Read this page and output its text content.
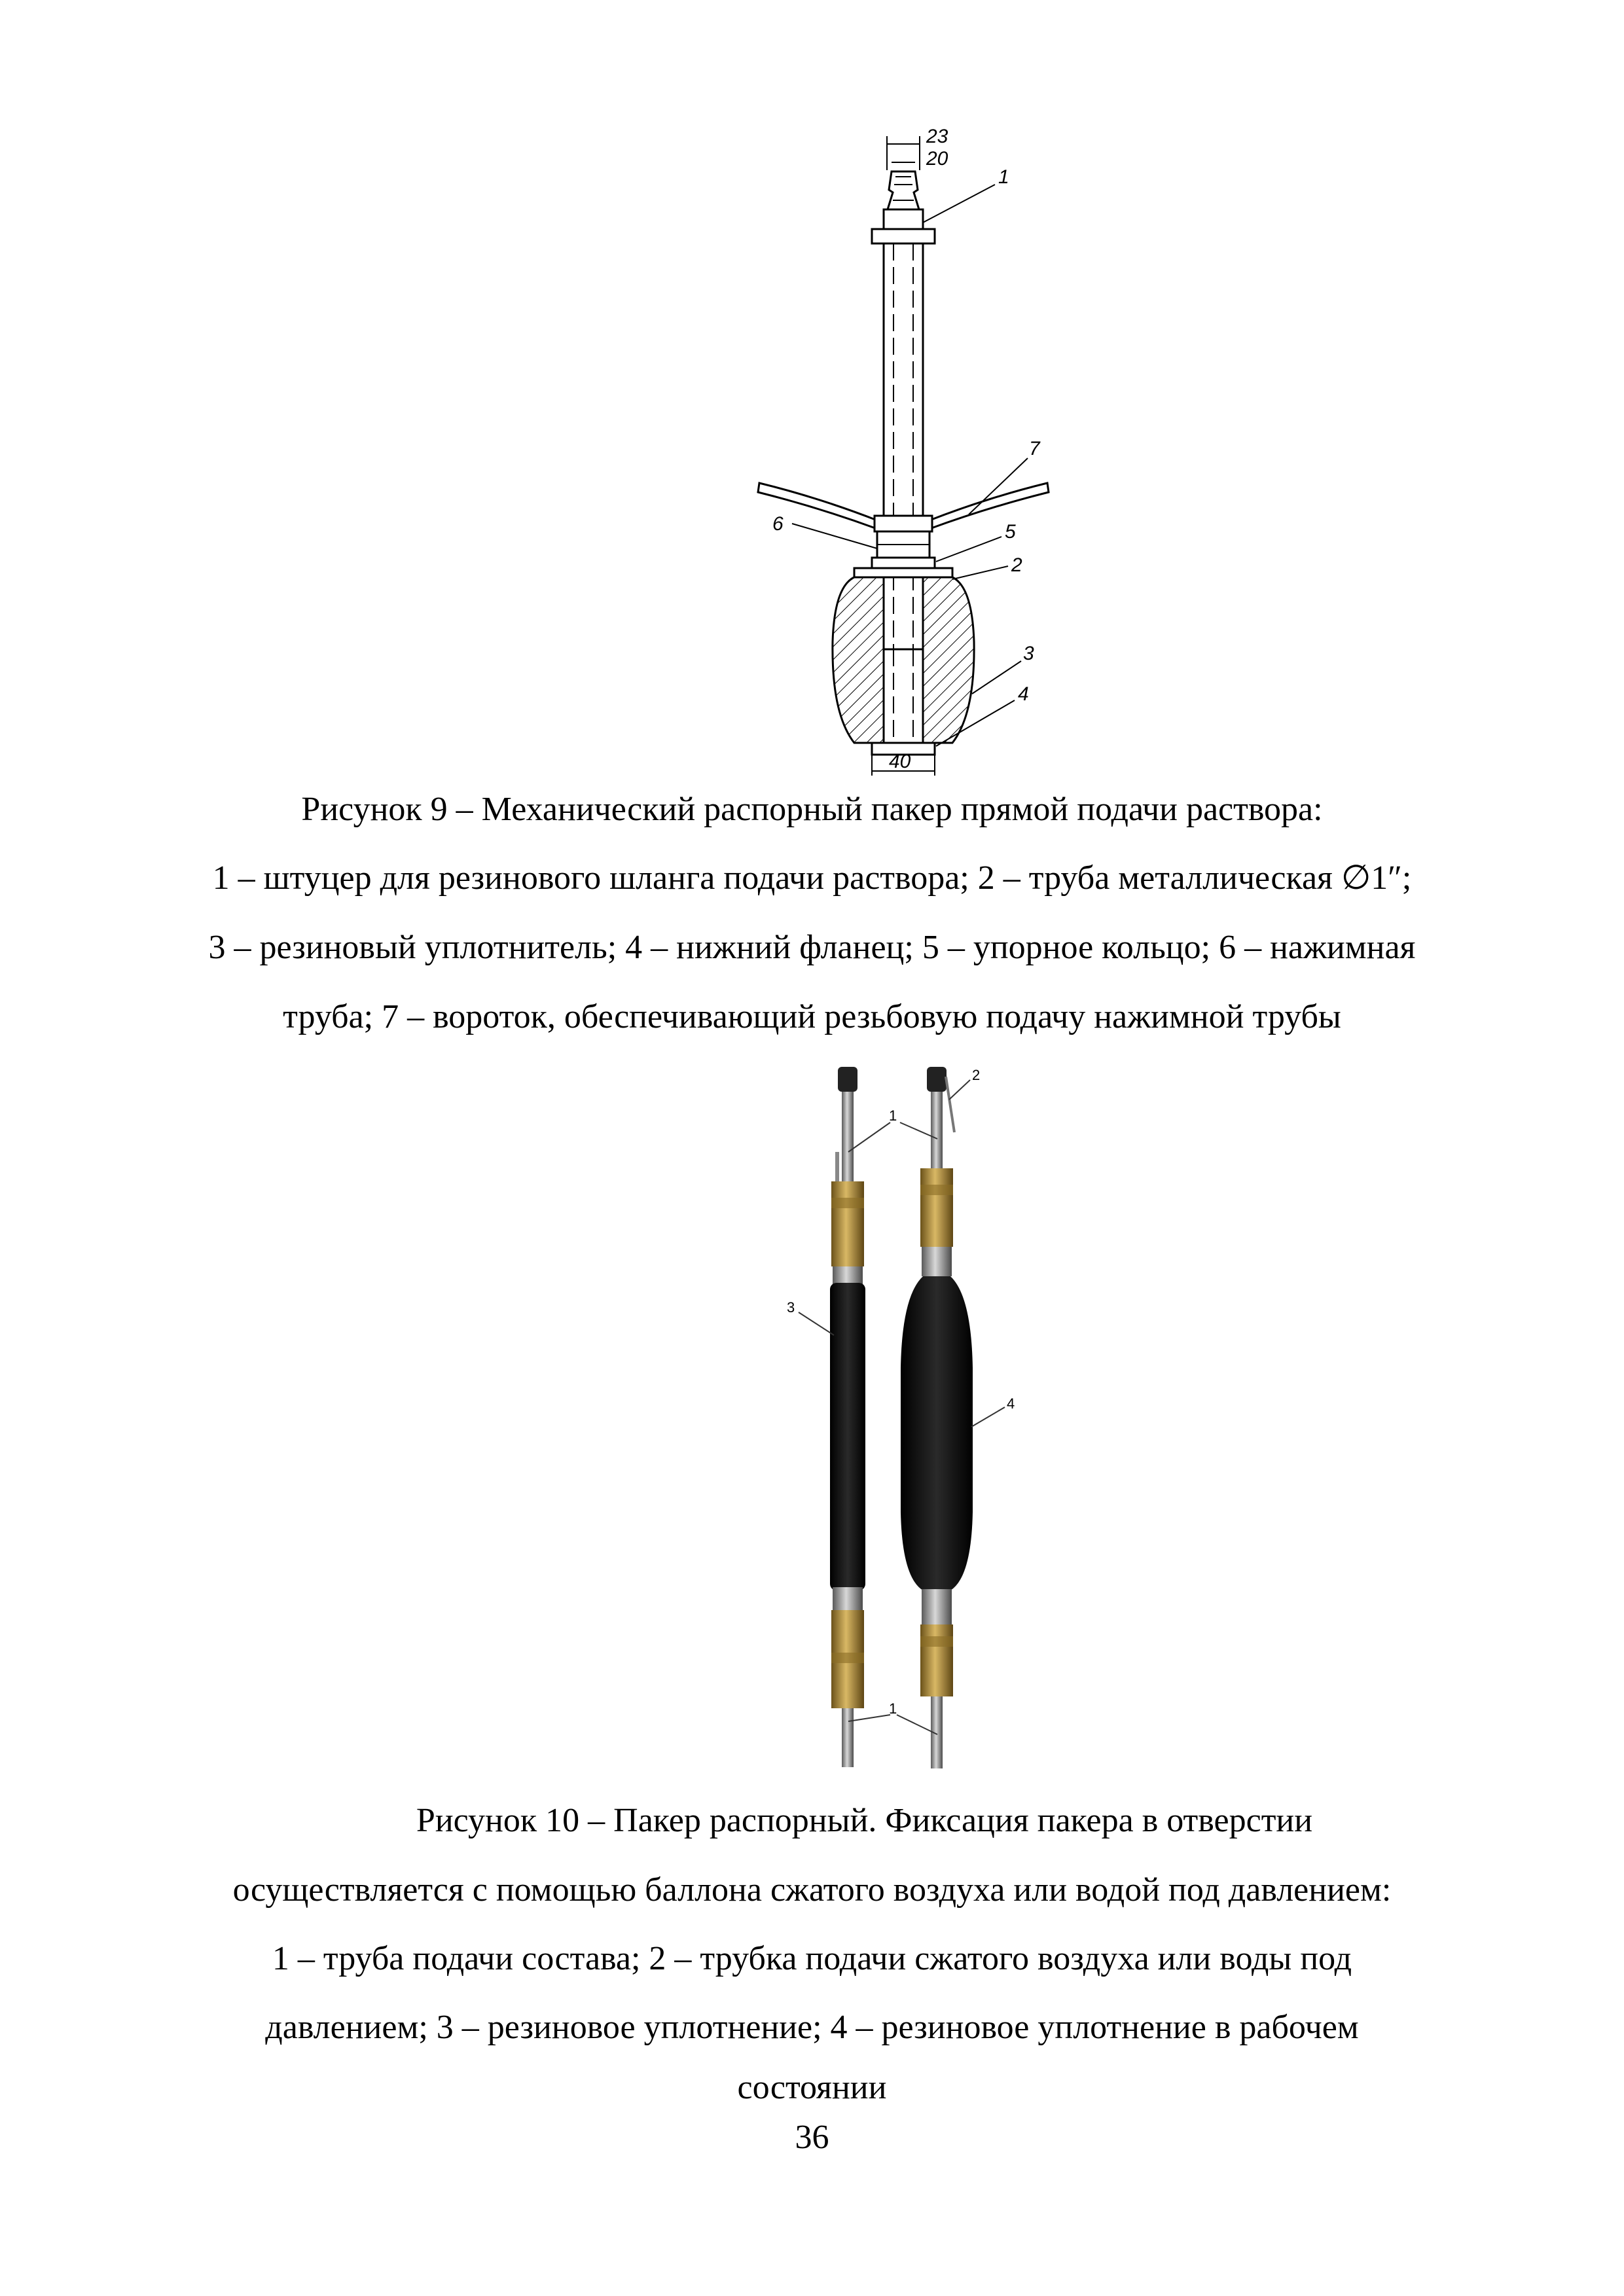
23
20
1
7
6	5
2
3
4
40
Рисунок 9 – Механический распорный пакер прямой подачи раствора:
1 – штуцер для резинового шланга подачи раствора; 2 – труба металлическая ∅1″;
3 – резиновый уплотнитель; 4 – нижний фланец; 5 – упорное кольцо; 6 – нажимная
труба; 7 – вороток, обеспечивающий резьбовую подачу нажимной трубы
1
2
3
4
1
Рисунок 10 – Пакер распорный. Фиксация пакера в отверстии
осуществляется с помощью баллона сжатого воздуха или водой под давлением:
1 – труба подачи состава; 2 – трубка подачи сжатого воздуха или воды под
давлением; 3 – резиновое уплотнение; 4 – резиновое уплотнение в рабочем
состоянии
36
